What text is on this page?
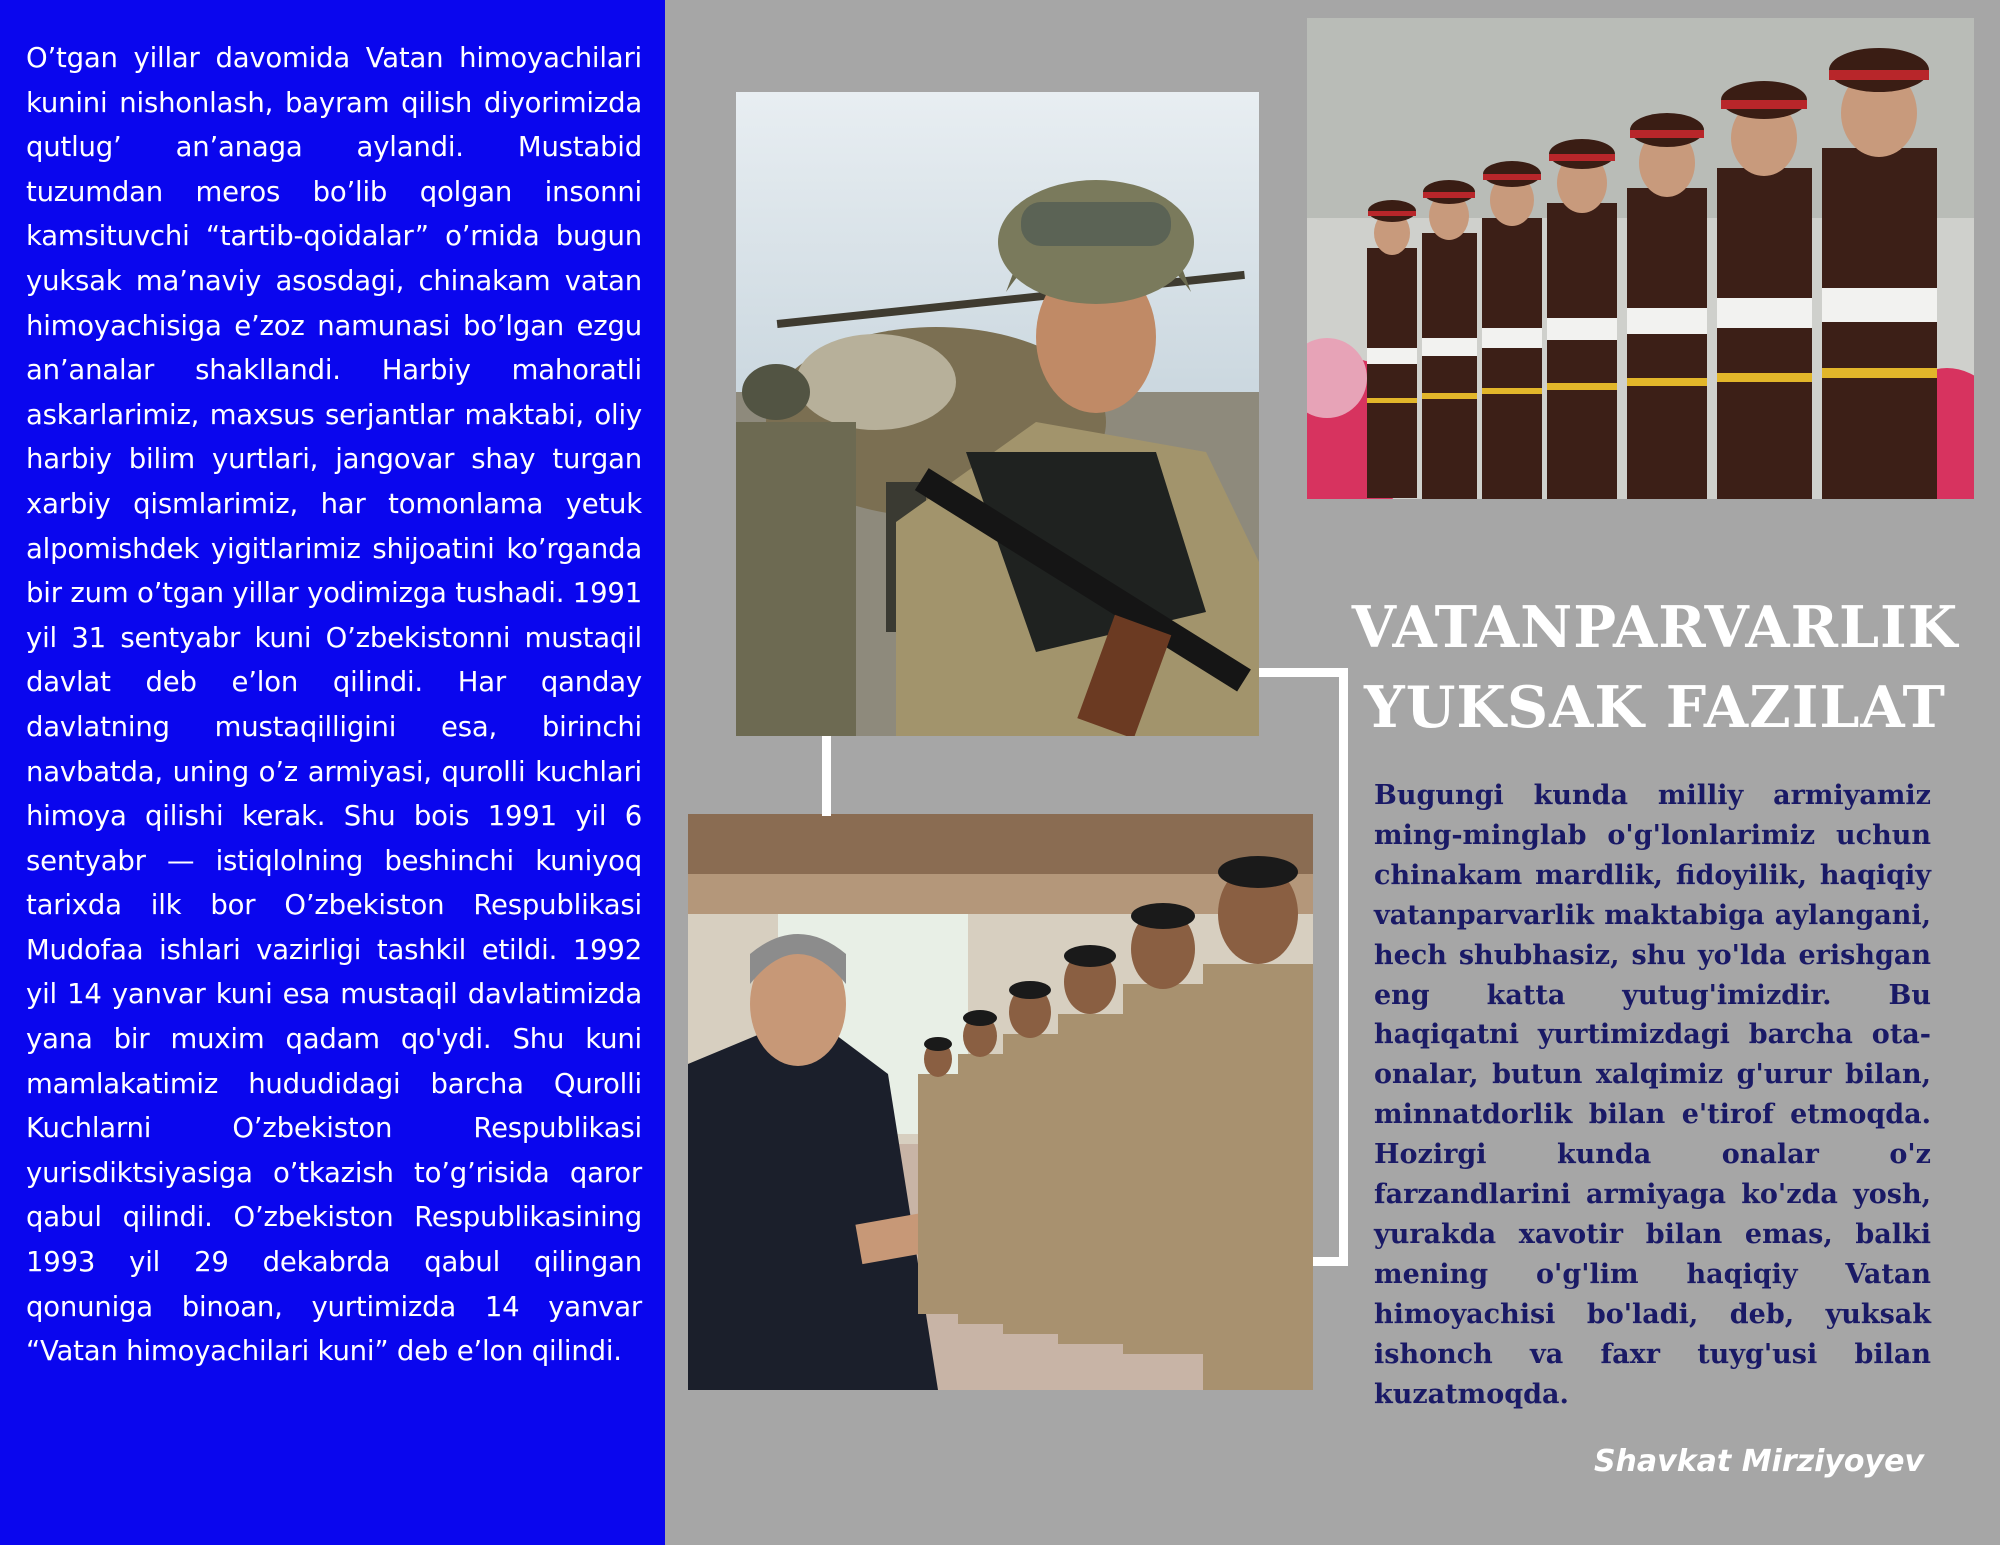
O’tgan yillar davomida Vatan himoyachilari kunini nishonlash, bayram qilish diyorimizda qutlug’ an’anaga aylandi. Mustabid tuzumdan meros bo’lib qolgan insonni kamsituvchi “tartib-qoidalar” o’rnida bugun yuksak ma’naviy asosdagi, chinakam vatan himoyachisiga e’zoz namunasi bo’lgan ezgu an’analar shakllandi. Harbiy mahoratli askarlarimiz, maxsus serjantlar maktabi, oliy harbiy bilim yurtlari, jangovar shay turgan xarbiy qismlarimiz, har tomonlama yetuk alpomishdek yigitlarimiz shijoatini ko’rganda bir zum o’tgan yillar yodimizga tushadi. 1991 yil 31 sentyabr kuni O’zbekistonni mustaqil davlat deb e’lon qilindi. Har qanday davlatning mustaqilligini esa, birinchi navbatda, uning o’z armiyasi, qurolli kuchlari himoya qilishi kerak. Shu bois 1991 yil 6 sentyabr — istiqlolning beshinchi kuniyoq tarixda ilk bor O’zbekiston Respublikasi Mudofaa ishlari vazirligi tashkil etildi. 1992 yil 14 yanvar kuni esa mustaqil davlatimizda yana bir muxim qadam qo'ydi. Shu kuni mamlakatimiz hududidagi barcha Qurolli Kuchlarni O’zbekiston Respublikasi yurisdiktsiyasiga o’tkazish to’g’risida qaror qabul qilindi. O’zbekiston Respublikasining 1993 yil 29 dekabrda qabul qilingan qonuniga binoan, yurtimizda 14 yanvar “Vatan himoyachilari kuni” deb e’lon qilindi.

VATANPARVARLIK
YUKSAK FAZILAT

Bugungi kunda milliy armiyamiz ming-minglab o'g'lonlarimiz uchun chinakam mardlik, fidoyilik, haqiqiy vatanparvarlik maktabiga aylangani, hech shubhasiz, shu yo'lda erishgan eng katta yutug'imizdir. Bu haqiqatni yurtimizdagi barcha ota-onalar, butun xalqimiz g'urur bilan, minnatdorlik bilan e'tirof etmoqda. Hozirgi kunda onalar o'z farzandlarini armiyaga ko'zda yosh, yurakda xavotir bilan emas, balki mening o'g'lim haqiqiy Vatan himoyachisi bo'ladi, deb, yuksak ishonch va faxr tuyg'usi bilan kuzatmoqda.

Shavkat Mirziyoyev
